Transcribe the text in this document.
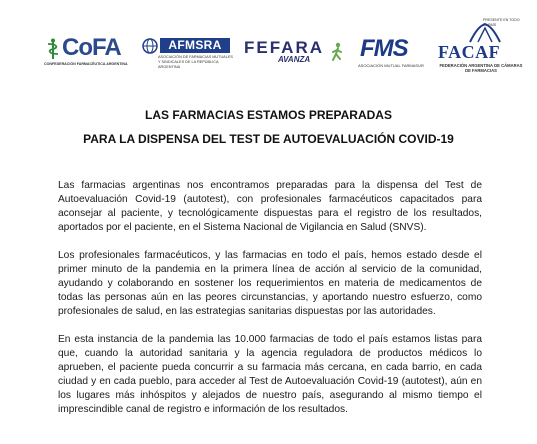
CoFA
CONFEDERACIÓN FARMACÉUTICA ARGENTINA
AFMSRA
ASOCIACIÓN DE FARMACIAS MUTUALES Y SINDICALES DE LA REPÚBLICA ARGENTINA
FEFARA
AVANZA FMS
ASOCIACIÓN MUTUAL FARMASUR
PRESENTE EN TODO EL PAÍS
FACAF
FEDERACIÓN ARGENTINA DE CÁMARAS DE FARMACIAS
LAS FARMACIAS ESTAMOS PREPARADAS
PARA LA DISPENSA DEL TEST DE AUTOEVALUACIÓN COVID-19

Las farmacias argentinas nos encontramos preparadas para la dispensa del Test de Autoevaluación Covid-19 (autotest), con profesionales farmacéuticos capacitados para aconsejar al paciente, y tecnológicamente dispuestas para el registro de los resultados, aportados por el paciente, en el Sistema Nacional de Vigilancia en Salud (SNVS).

Los profesionales farmacéuticos, y las farmacias en todo el país, hemos estado desde el primer minuto de la pandemia en la primera línea de acción al servicio de la comunidad, ayudando y colaborando en sostener los requerimientos en materia de medicamentos de todas las personas aún en las peores circunstancias, y aportando nuestro esfuerzo, como profesionales de salud, en las estrategias sanitarias dispuestas por las autoridades.

En esta instancia de la pandemia las 10.000 farmacias de todo el país estamos listas para que, cuando la autoridad sanitaria y la agencia reguladora de productos médicos lo aprueben, el paciente pueda concurrir a su farmacia más cercana, en cada barrio, en cada ciudad y en cada pueblo, para acceder al Test de Autoevaluación Covid-19 (autotest), aún en los lugares más inhóspitos y alejados de nuestro país, asegurando al mismo tiempo el imprescindible canal de registro e información de los resultados.
